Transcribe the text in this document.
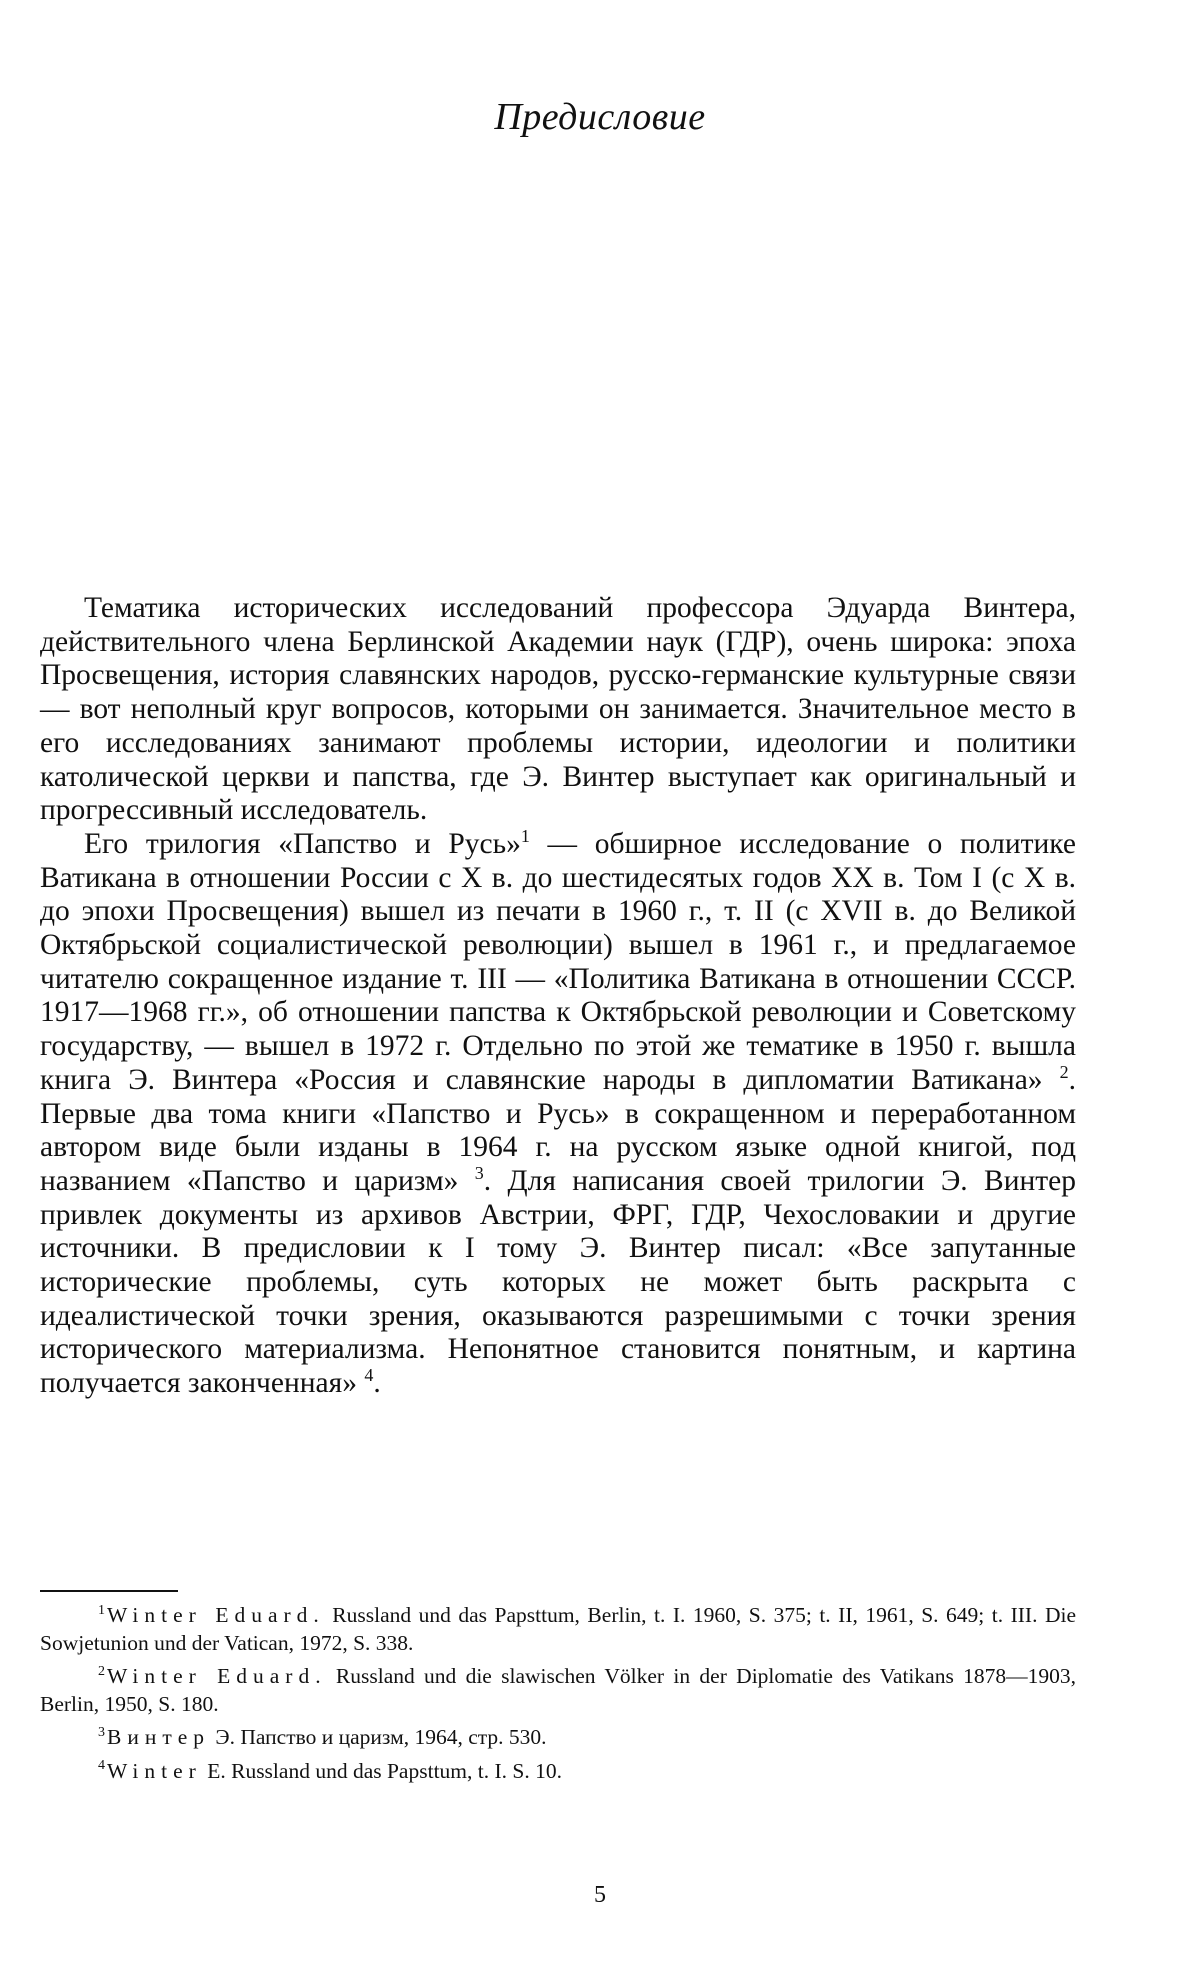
Предисловие

Тематика исторических исследований профессора Эдуарда Винтера, действительного члена Берлинской Академии наук (ГДР), очень широка: эпоха Просвещения, история славянских народов, русско-германские культурные связи — вот неполный круг вопросов, которыми он занимается. Значительное место в его исследованиях занимают проблемы истории, идеологии и политики католической церкви и папства, где Э. Винтер выступает как оригинальный и прогрессивный исследователь.

Его трилогия «Папство и Русь»$^1$ — обширное исследование о политике Ватикана в отношении России с X в. до шестидесятых годов XX в. Том I (с X в. до эпохи Просвещения) вышел из печати в 1960 г., т. II (с XVII в. до Великой Октябрьской социалистической революции) вышел в 1961 г., и предлагаемое читателю сокращенное издание т. III — «Политика Ватикана в отношении СССР. 1917—1968 гг.», об отношении папства к Октябрьской революции и Советскому государству, — вышел в 1972 г. Отдельно по этой же тематике в 1950 г. вышла книга Э. Винтера «Россия и славянские народы в дипломатии Ватикана» $^2$. Первые два тома книги «Папство и Русь» в сокращенном и переработанном автором виде были изданы в 1964 г. на русском языке одной книгой, под названием «Папство и царизм» $^3$. Для написания своей трилогии Э. Винтер привлек документы из архивов Австрии, ФРГ, ГДР, Чехословакии и другие источники. В предисловии к I тому Э. Винтер писал: «Все запутанные исторические проблемы, суть которых не может быть раскрыта с идеалистической точки зрения, оказываются разрешимыми с точки зрения исторического материализма. Непонятное становится понятным, и картина получается законченная» $^4$.

$^1$Winter Eduard. Russland und das Papsttum, Berlin, t. I. 1960, S. 375; t. II, 1961, S. 649; t. III. Die Sowjetunion und der Vatican, 1972, S. 338.

$^2$Winter Eduard. Russland und die slawischen Völker in der Diplomatie des Vatikans 1878—1903, Berlin, 1950, S. 180.

$^3$Винтер Э. Папство и царизм, 1964, стр. 530.

$^4$Winter E. Russland und das Papsttum, t. I. S. 10.

5
